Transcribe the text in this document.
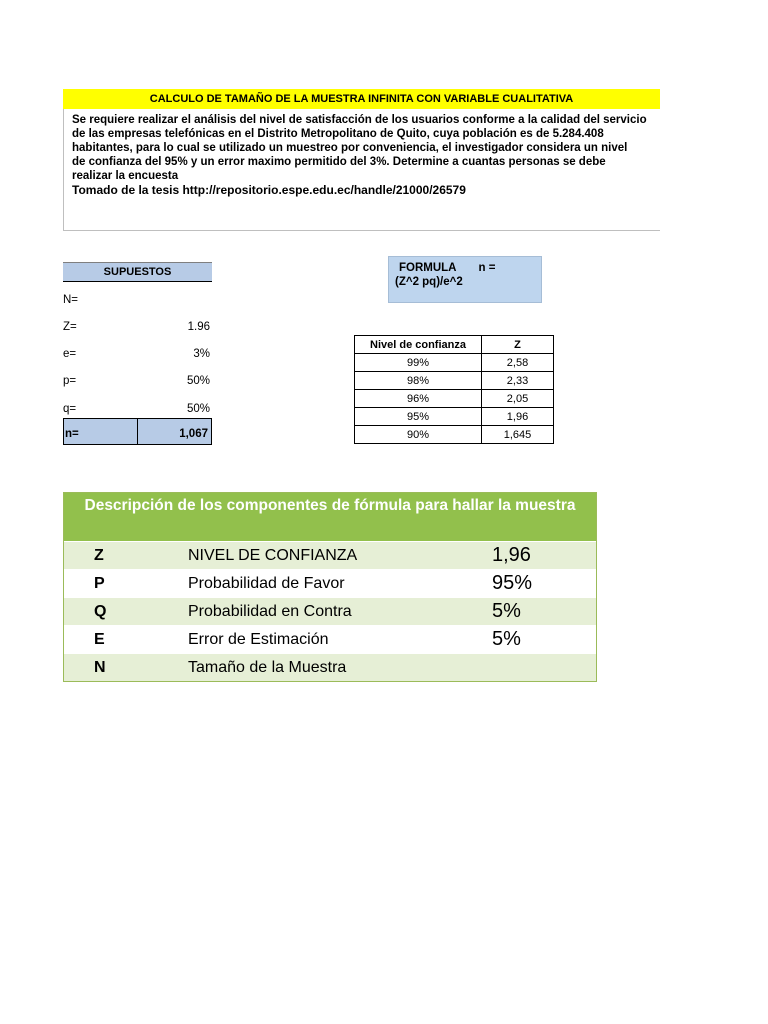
CALCULO DE TAMAÑO DE LA MUESTRA INFINITA CON VARIABLE CUALITATIVA
Se requiere realizar el análisis del nivel de satisfacción de los usuarios conforme a la calidad del servicio
de las empresas telefónicas en el Distrito Metropolitano de Quito, cuya población es de 5.284.408
habitantes, para lo cual se utilizado un muestreo por conveniencia, el investigador considera un nivel
de confianza del 95% y un error maximo permitido del 3%. Determine a cuantas personas se debe
realizar la encuesta
Tomado de la tesis http://repositorio.espe.edu.ec/handle/21000/26579
SUPUESTOS
N=
Z=	1.96
e=	3%
p=	50%
q=	50%
n=	1,067
FORMULA n =
(Z^2 pq)/e^2
Nivel de confianza	Z
99%	2,58
98%	2,33
96%	2,05
95%	1,96
90%	1,645
Descripción de los componentes de fórmula para hallar la muestra
Z	NIVEL DE CONFIANZA	1,96
P	Probabilidad de Favor	95%
Q	Probabilidad en Contra	5%
E	Error de Estimación	5%
N	Tamaño de la Muestra
